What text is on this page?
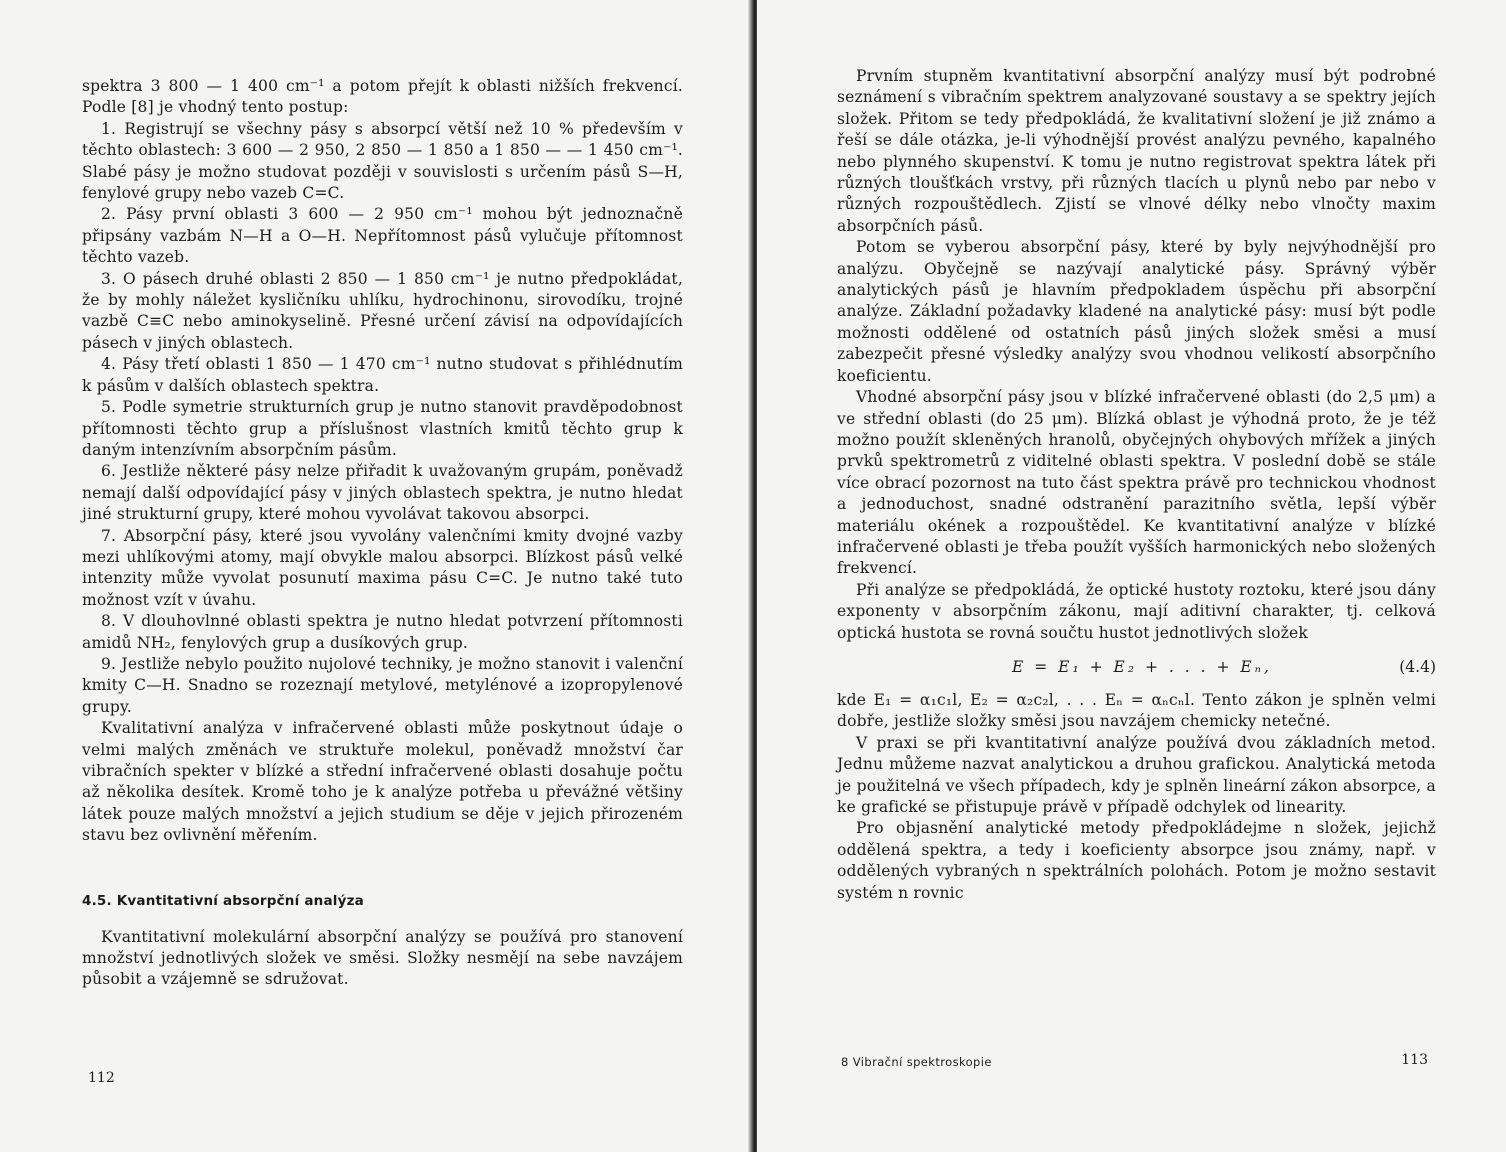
spektra 3 800 — 1 400 cm⁻¹ a potom přejít k oblasti nižších frekvencí. Podle [8] je vhodný tento postup:

1. Registrují se všechny pásy s absorpcí větší než 10 % především v těchto oblastech: 3 600 — 2 950, 2 850 — 1 850 a 1 850 — — 1 450 cm⁻¹. Slabé pásy je možno studovat později v souvislosti s určením pásů S—H, fenylové grupy nebo vazeb C=C.

2. Pásy první oblasti 3 600 — 2 950 cm⁻¹ mohou být jednoznačně připsány vazbám N—H a O—H. Nepřítomnost pásů vylučuje přítomnost těchto vazeb.

3. O pásech druhé oblasti 2 850 — 1 850 cm⁻¹ je nutno předpokládat, že by mohly náležet kysličníku uhlíku, hydrochinonu, sirovodíku, trojné vazbě C≡C nebo aminokyselině. Přesné určení závisí na odpovídajících pásech v jiných oblastech.

4. Pásy třetí oblasti 1 850 — 1 470 cm⁻¹ nutno studovat s přihlédnutím k pásům v dalších oblastech spektra.

5. Podle symetrie strukturních grup je nutno stanovit pravděpodobnost přítomnosti těchto grup a příslušnost vlastních kmitů těchto grup k daným intenzívním absorpčním pásům.

6. Jestliže některé pásy nelze přiřadit k uvažovaným grupám, poněvadž nemají další odpovídající pásy v jiných oblastech spektra, je nutno hledat jiné strukturní grupy, které mohou vyvolávat takovou absorpci.

7. Absorpční pásy, které jsou vyvolány valenčními kmity dvojné vazby mezi uhlíkovými atomy, mají obvykle malou absorpci. Blízkost pásů velké intenzity může vyvolat posunutí maxima pásu C=C. Je nutno také tuto možnost vzít v úvahu.

8. V dlouhovlnné oblasti spektra je nutno hledat potvrzení přítomnosti amidů NH₂, fenylových grup a dusíkových grup.

9. Jestliže nebylo použito nujolové techniky, je možno stanovit i valenční kmity C—H. Snadno se rozeznají metylové, metylénové a izopropylenové grupy.

Kvalitativní analýza v infračervené oblasti může poskytnout údaje o velmi malých změnách ve struktuře molekul, poněvadž množství čar vibračních spekter v blízké a střední infračervené oblasti dosahuje počtu až několika desítek. Kromě toho je k analýze potřeba u převážné většiny látek pouze malých množství a jejich studium se děje v jejich přirozeném stavu bez ovlivnění měřením.

4.5. Kvantitativní absorpční analýza

Kvantitativní molekulární absorpční analýzy se používá pro stanovení množství jednotlivých složek ve směsi. Složky nesmějí na sebe navzájem působit a vzájemně se sdružovat.

112

Prvním stupněm kvantitativní absorpční analýzy musí být podrobné seznámení s vibračním spektrem analyzované soustavy a se spektry jejích složek. Přitom se tedy předpokládá, že kvalitativní složení je již známo a řeší se dále otázka, je-li výhodnější provést analýzu pevného, kapalného nebo plynného skupenství. K tomu je nutno registrovat spektra látek při různých tloušťkách vrstvy, při různých tlacích u plynů nebo par nebo v různých rozpouštědlech. Zjistí se vlnové délky nebo vlnočty maxim absorpčních pásů.

Potom se vyberou absorpční pásy, které by byly nejvýhodnější pro analýzu. Obyčejně se nazývají analytické pásy. Správný výběr analytických pásů je hlavním předpokladem úspěchu při absorpční analýze. Základní požadavky kladené na analytické pásy: musí být podle možnosti oddělené od ostatních pásů jiných složek směsi a musí zabezpečit přesné výsledky analýzy svou vhodnou velikostí absorpčního koeficientu.

Vhodné absorpční pásy jsou v blízké infračervené oblasti (do 2,5 μm) a ve střední oblasti (do 25 μm). Blízká oblast je výhodná proto, že je též možno použít skleněných hranolů, obyčejných ohybových mřížek a jiných prvků spektrometrů z viditelné oblasti spektra. V poslední době se stále více obrací pozornost na tuto část spektra právě pro technickou vhodnost a jednoduchost, snadné odstranění parazitního světla, lepší výběr materiálu okének a rozpouštědel. Ke kvantitativní analýze v blízké infračervené oblasti je třeba použít vyšších harmonických nebo složených frekvencí.

Při analýze se předpokládá, že optické hustoty roztoku, které jsou dány exponenty v absorpčním zákonu, mají aditivní charakter, tj. celková optická hustota se rovná součtu hustot jednotlivých složek

E = E₁ + E₂ + . . . + Eₙ,	(4.4)

kde E₁ = α₁c₁l, E₂ = α₂c₂l, . . . Eₙ = αₙcₙl. Tento zákon je splněn velmi dobře, jestliže složky směsi jsou navzájem chemicky netečné.

V praxi se při kvantitativní analýze používá dvou základních metod. Jednu můžeme nazvat analytickou a druhou grafickou. Analytická metoda je použitelná ve všech případech, kdy je splněn lineární zákon absorpce, a ke grafické se přistupuje právě v případě odchylek od linearity.

Pro objasnění analytické metody předpokládejme n složek, jejichž oddělená spektra, a tedy i koeficienty absorpce jsou známy, např. v oddělených vybraných n spektrálních polohách. Potom je možno sestavit systém n rovnic

8 Vibrační spektroskopie	113
